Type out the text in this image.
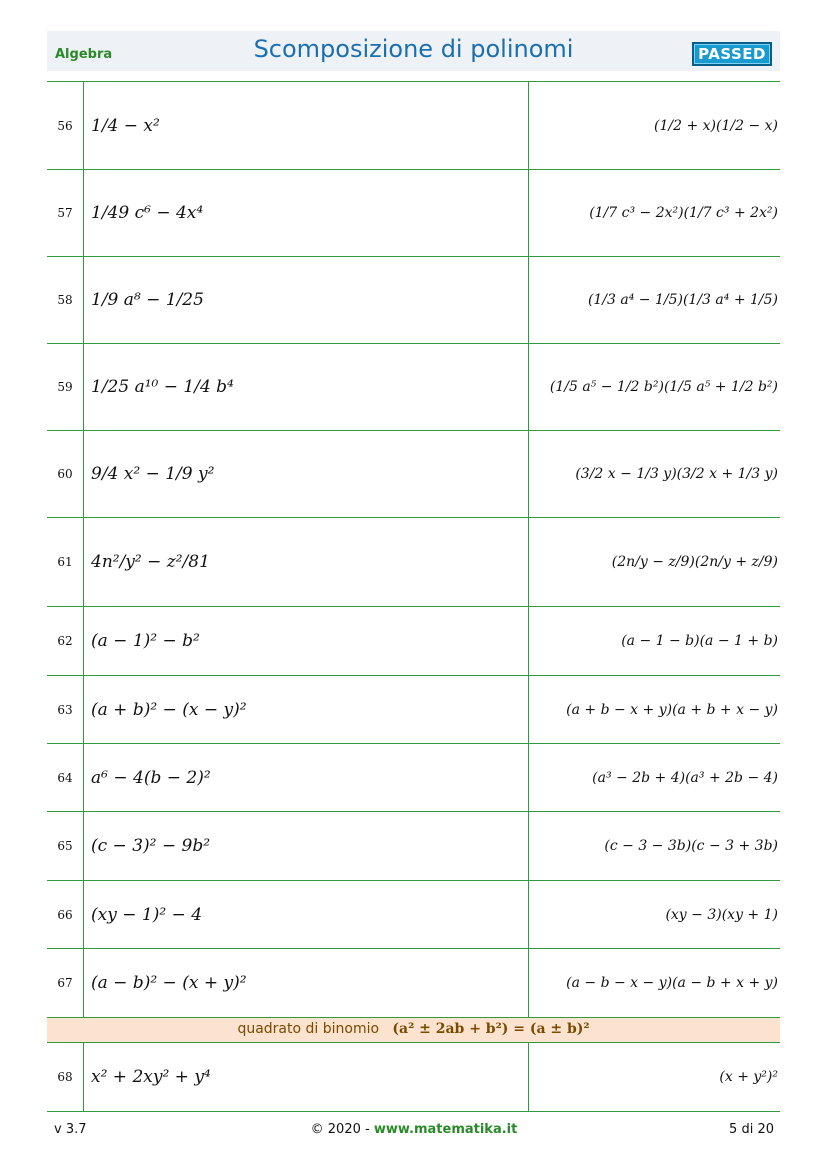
Algebra	Scomposizione di polinomi	PASSED
56	1/4 − x²	(1/2 + x)(1/2 − x)
57	1/49 c⁶ − 4x⁴	(1/7 c³ − 2x²)(1/7 c³ + 2x²)
58	1/9 a⁸ − 1/25	(1/3 a⁴ − 1/5)(1/3 a⁴ + 1/5)
59	1/25 a¹⁰ − 1/4 b⁴	(1/5 a⁵ − 1/2 b²)(1/5 a⁵ + 1/2 b²)
60	9/4 x² − 1/9 y²	(3/2 x − 1/3 y)(3/2 x + 1/3 y)
61	4n²/y² − z²/81	(2n/y − z/9)(2n/y + z/9)
62	(a − 1)² − b²	(a − 1 − b)(a − 1 + b)
63	(a + b)² − (x − y)²	(a + b − x + y)(a + b + x − y)
64	a⁶ − 4(b − 2)²	(a³ − 2b + 4)(a³ + 2b − 4)
65	(c − 3)² − 9b²	(c − 3 − 3b)(c − 3 + 3b)
66	(xy − 1)² − 4	(xy − 3)(xy + 1)
67	(a − b)² − (x + y)²	(a − b − x − y)(a − b + x + y)
quadrato di binomio (a² ± 2ab + b²) = (a ± b)²
68	x² + 2xy² + y⁴	(x + y²)²
v 3.7	© 2020 - www.matematika.it	5 di 20
